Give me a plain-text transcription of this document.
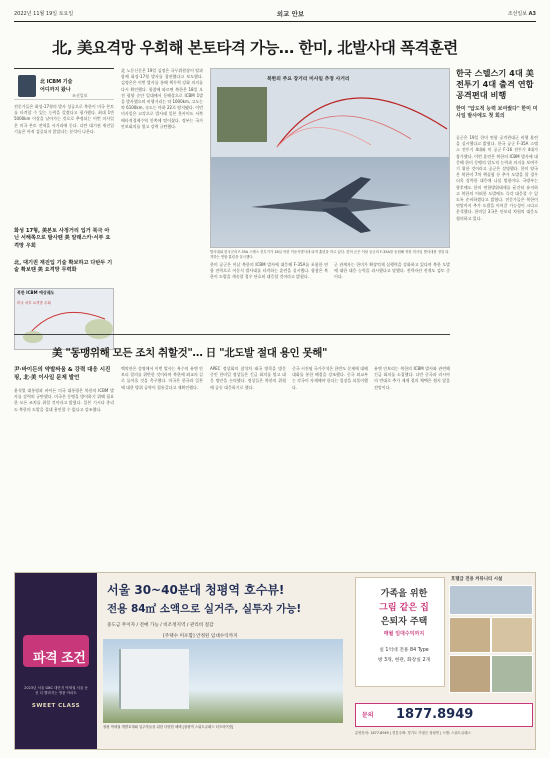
2022년 11월 19일 토요일	외교 안보	조선일보 A3
北, 美요격망 우회해 본토타격 가능… 한미, 北발사대 폭격훈련
北 ICBM 기술
어디까지 왔나
조선일보
전문가들은 화성-17형의 발사 성공으로 북한이 미국 본토를 타격할 수 있는 능력을 갖췄다고 평가했다. 최대 1만5000km 이상을 날아가는 것으로 추정되는 이번 미사일은 미국 본토 전역을 사거리에 둔다. 다만 대기권 재진입 기술은 아직 검증되지 않았다는 분석이 나온다.
화성 17형, 美본토 사정거리 입거 북극 아닌 서해쪽으로 발사땐 美 알래스카·서부 요격망 우회
北, 대기권 재진입 기술 확보하고 다탄두 기술 확보땐 美 요격망 무력화
북한 ICBM 예상궤도
미국 서부 요격망 우회
北 노동신문은 19일 김정은 국무위원장이 딸과 함께 화성-17형 발사를 참관했다고 보도했다. 김정은은 이번 발사를 통해 핵무력 강화 의지를 다시 확인했다. 합참에 따르면 북한은 18일 오전 평양 순안 일대에서 동해상으로 ICBM 1발을 발사했으며 비행거리는 약 1000km, 고도는 약 6100km, 속도는 마하 22로 탐지됐다. 이번 미사일은 고각으로 발사돼 일본 홋카이도 서쪽 배타적경제수역 안쪽에 떨어졌다. 정부는 국가안보회의를 열고 강력 규탄했다.
북한의 주요 장거리 미사일 추정 사거리
발사대와 한국군의 F-35A 스텔스 전투기가 18일 북한 이동식발사대 타격 훈련을 하고 있다. 한미 군은 이날 공군의 F-35A를 동원해 북한 미사일 발사대를 정밀 타격하는 연합 훈련을 실시했다.
한미 공군은 이날 북한의 ICBM 발사에 대응해 F-35A를 포함한 연합 전력으로 이동식 발사대를 타격하는 훈련을 실시했다. 합참은 북한이 도발을 계속할 경우 단호히 대응할 것이라고 밝혔다.
군 관계자는 한미가 확장억제 실행력을 강화하고 있다며 북한 도발에 대한 대응 능력을 과시했다고 말했다. 전략자산 전개도 검토 중이다.
한국 스텔스기 4대 美전투기 4대 출격 연합 공격편대 비행
한미 "압도적 능력 보여줬다" 한미 미사일 발사에도 첫 회의
공군은 19일 한미 연합 공격편대군 비행 훈련을 실시했다고 밝혔다. 한국 공군 F-35A 스텔스 전투기 4대와 미 공군 F-16 전투기 4대가 참가했다. 이번 훈련은 북한의 ICBM 발사에 대응해 한미 동맹의 압도적 능력과 의지를 보여주기 위한 것이라고 공군은 설명했다. 한미 양국은 북한이 7차 핵실험 등 추가 도발을 할 경우 더욱 강력한 대응에 나설 방침이다. 국방부는 향후에도 한미 연합방위태세를 굳건히 유지하고 북한의 어떠한 도발에도 즉각 대응할 수 있도록 준비하겠다고 밝혔다. 전문가들은 북한이 연말까지 추가 도발을 이어갈 가능성이 크다고 분석했다. 한미일 3국은 안보리 차원의 대응도 협의하고 있다.
美 "동맹위해 모든 조치 취할것"… 日 "北도발 절대 용인 못해"
尹·바이든의 약발싸움 & 강력 대응 시진핑, 北·美 이사일 문제 발언
윤석열 대통령과 바이든 미국 대통령은 북한의 ICBM 발사를 강력히 규탄했다. 미국은 동맹을 방어하기 위해 필요한 모든 조치를 취할 것이라고 밝혔다. 일본 기시다 총리도 북한의 도발을 절대 용인할 수 없다고 강조했다.
백악관은 성명에서 이번 발사는 복수의 유엔 안보리 결의를 위반한 것이라며 북한에 외교의 길로 돌아올 것을 촉구했다. 미국은 한국과 일본에 대한 방위 공약이 철통같다고 재확인했다.
APEC 정상회의 참석차 태국 방콕을 방문 중인 한미일 정상들은 긴급 회의를 열고 대응 방안을 논의했다. 정상들은 북한의 위협에 공동 대응하기로 했다.
중국 시진핑 국가주석은 한반도 문제에 대해 대화를 통한 해결을 강조했다. 중국 외교부는 각국이 자제해야 한다는 입장을 되풀이했다.
유엔 안보리는 북한의 ICBM 발사와 관련해 긴급 회의를 소집했다. 다만 중국과 러시아의 반대로 추가 제재 결의 채택은 쉽지 않을 전망이다.
파격 조건
2023년 서울 GBC 대단지 역세권 서울 동선 더 빨라지는 명품 아파트
SWEET CLASS
서울 30~40분대 청평역 호수뷰!
전용 84㎡ 소액으로 실거주, 실투자 가능!
중도금 무이자 / 전매 가능 / 비조정지역 / 관리비 절감
[주택수 미포함] 안정된 임대수익까지
청평 역세권 개발호재와 입주자들을 위한 다양한 혜택 [청평역 스위트클래스 더프라이빗]
가족을 위한
그림 같은 집
은퇴자 주택
매월 임대수익까지
실 1억대 전용 84 Type
방 3개, 현관, 화장실 2개
호텔급 전용 커뮤니티 시설
문의 1877.8949
분양문의: 1877-8949 | 견본주택: 경기도 가평군 청평면 | 시행: 스위트클래스
